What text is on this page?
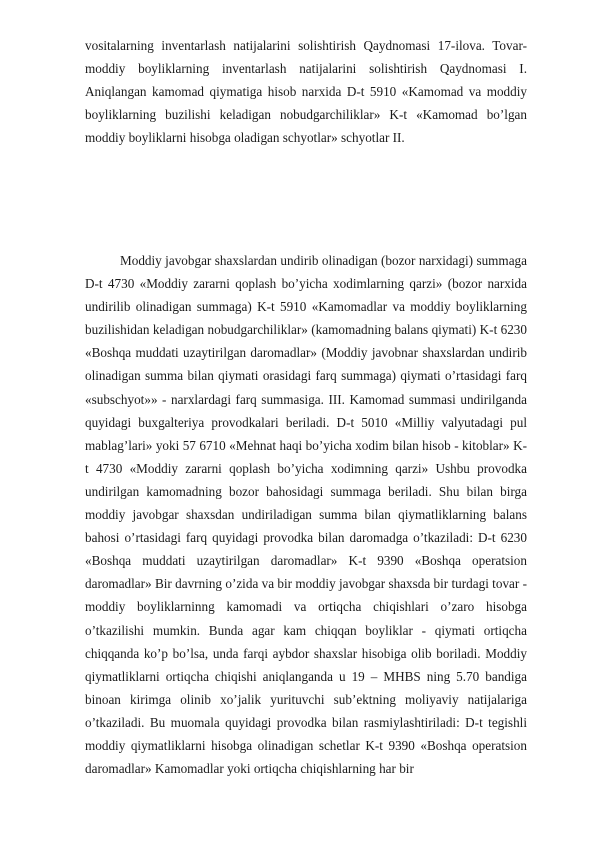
vositalarning inventarlash natijalarini solishtirish Qaydnomasi 17-ilova. Tovar-moddiy boyliklarning inventarlash natijalarini solishtirish Qaydnomasi I. Aniqlangan kamomad qiymatiga hisob narxida D-t 5910 «Kamomad va moddiy boyliklarning buzilishi keladigan nobudgarchiliklar» K-t «Kamomad bo’lgan moddiy boyliklarni hisobga oladigan schyotlar» schyotlar II.

Moddiy javobgar shaxslardan undirib olinadigan (bozor narxidagi) summaga D-t 4730 «Moddiy zararni qoplash bo’yicha xodimlarning qarzi» (bozor narxida undirilib olinadigan summaga) K-t 5910 «Kamomadlar va moddiy boyliklarning buzilishidan keladigan nobudgarchiliklar» (kamomadning balans qiymati) K-t 6230 «Boshqa muddati uzaytirilgan daromadlar» (Moddiy javobnar shaxslardan undirib olinadigan summa bilan qiymati orasidagi farq summaga) qiymati o’rtasidagi farq «subschyot»» - narxlardagi farq summasiga. III. Kamomad summasi undirilganda quyidagi buxgalteriya provodkalari beriladi. D-t 5010 «Milliy valyutadagi pul mablag’lari» yoki 57 6710 «Mehnat haqi bo’yicha xodim bilan hisob - kitoblar» K-t 4730 «Moddiy zararni qoplash bo’yicha xodimning qarzi» Ushbu provodka undirilgan kamomadning bozor bahosidagi summaga beriladi. Shu bilan birga moddiy javobgar shaxsdan undiriladigan summa bilan qiymatliklarning balans bahosi o’rtasidagi farq quyidagi provodka bilan daromadga o’tkaziladi: D-t 6230 «Boshqa muddati uzaytirilgan daromadlar» K-t 9390 «Boshqa operatsion daromadlar» Bir davrning o’zida va bir moddiy javobgar shaxsda bir turdagi tovar - moddiy boyliklarninng kamomadi va ortiqcha chiqishlari o’zaro hisobga o’tkazilishi mumkin. Bunda agar kam chiqqan boyliklar - qiymati ortiqcha chiqqanda ko’p bo’lsa, unda farqi aybdor shaxslar hisobiga olib boriladi. Moddiy qiymatliklarni ortiqcha chiqishi aniqlanganda u 19 – MHBS ning 5.70 bandiga binoan kirimga olinib xo’jalik yurituvchi sub’ektning moliyaviy natijalariga o’tkaziladi. Bu muomala quyidagi provodka bilan rasmiylashtiriladi: D-t tegishli moddiy qiymatliklarni hisobga olinadigan schetlar K-t 9390 «Boshqa operatsion daromadlar» Kamomadlar yoki ortiqcha chiqishlarning har bir
